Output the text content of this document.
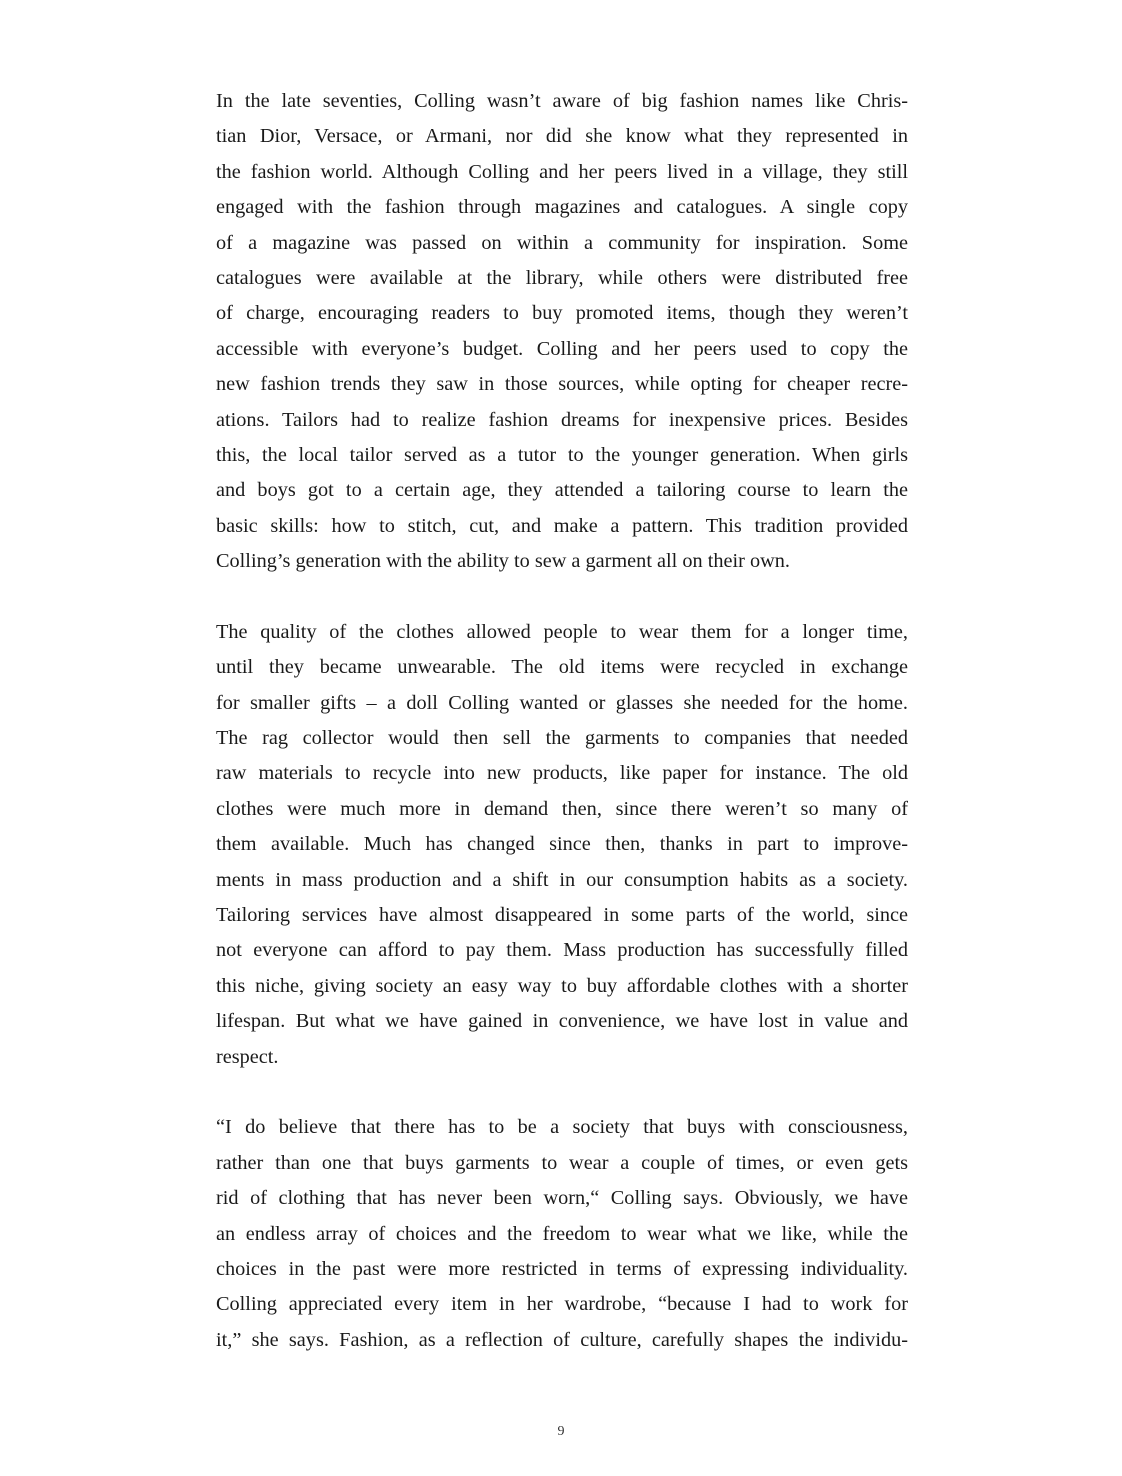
In the late seventies, Colling wasn’t aware of big fashion names like Chris-
tian Dior, Versace, or Armani, nor did she know what they represented in
the fashion world. Although Colling and her peers lived in a village, they still
engaged with the fashion through magazines and catalogues. A single copy
of a magazine was passed on within a community for inspiration. Some
catalogues were available at the library, while others were distributed free
of charge, encouraging readers to buy promoted items, though they weren’t
accessible with everyone’s budget. Colling and her peers used to copy the
new fashion trends they saw in those sources, while opting for cheaper recre-
ations. Tailors had to realize fashion dreams for inexpensive prices. Besides
this, the local tailor served as a tutor to the younger generation. When girls
and boys got to a certain age, they attended a tailoring course to learn the
basic skills: how to stitch, cut, and make a pattern. This tradition provided
Colling’s generation with the ability to sew a garment all on their own.
The quality of the clothes allowed people to wear them for a longer time,
until they became unwearable. The old items were recycled in exchange
for smaller gifts – a doll Colling wanted or glasses she needed for the home.
The rag collector would then sell the garments to companies that needed
raw materials to recycle into new products, like paper for instance. The old
clothes were much more in demand then, since there weren’t so many of
them available. Much has changed since then, thanks in part to improve-
ments in mass production and a shift in our consumption habits as a society.
Tailoring services have almost disappeared in some parts of the world, since
not everyone can afford to pay them. Mass production has successfully filled
this niche, giving society an easy way to buy affordable clothes with a shorter
lifespan. But what we have gained in convenience, we have lost in value and
respect.
“I do believe that there has to be a society that buys with consciousness,
rather than one that buys garments to wear a couple of times, or even gets
rid of clothing that has never been worn,“ Colling says. Obviously, we have
an endless array of choices and the freedom to wear what we like, while the
choices in the past were more restricted in terms of expressing individuality.
Colling appreciated every item in her wardrobe, “because I had to work for
it,” she says. Fashion, as a reflection of culture, carefully shapes the individu-
9
